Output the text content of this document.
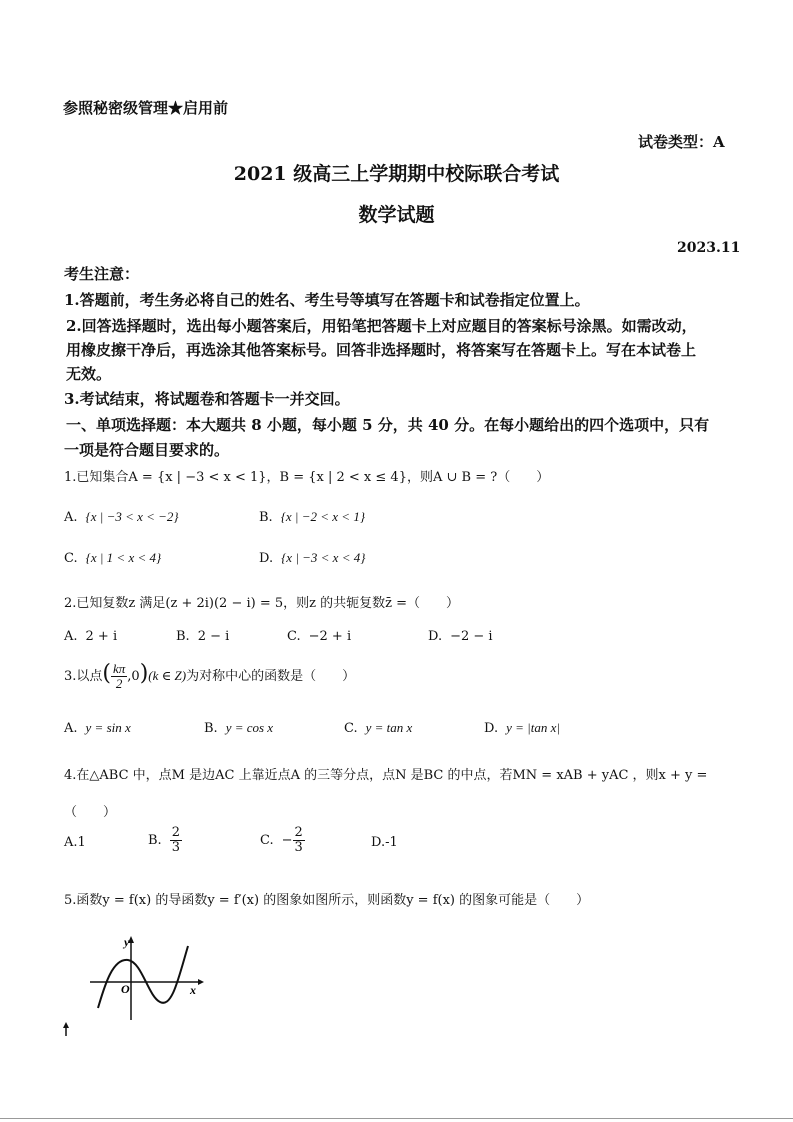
参照秘密级管理★启用前
试卷类型：A
2021 级高三上学期期中校际联合考试
数学试题
2023.11
考生注意：
1.答题前，考生务必将自己的姓名、考生号等填写在答题卡和试卷指定位置上。
2.回答选择题时，选出每小题答案后，用铅笔把答题卡上对应题目的答案标号涂黑。如需改动，
用橡皮擦干净后，再选涂其他答案标号。回答非选择题时，将答案写在答题卡上。写在本试卷上
无效。
3.考试结束，将试题卷和答题卡一并交回。
一、单项选择题：本大题共 8 小题，每小题 5 分，共 40 分。在每小题给出的四个选项中，只有
一项是符合题目要求的。
1.已知集合A = {x | −3 < x < 1}，B = {x | 2 < x ≤ 4}，则A ∪ B = ?（　　）
A. {x | −3 < x < −2}	B. {x | −2 < x < 1}
C. {x | 1 < x < 4}	D. {x | −3 < x < 4}
2.已知复数z 满足(z + 2i)(2 − i) = 5，则z 的共轭复数z̄ =（　　）
A. 2 + i	B. 2 − i	C. −2 + i	D. −2 − i
3.以点( $\frac{k\pi}{2} ,0)(k$ ∈ Z)为对称中心的函数是（　　）
A. y = sin x	B. y = cos x	C. y = tan x	D. y = |tan x|
4.在△ABC 中，点M 是边AC 上靠近点A 的三等分点，点N 是BC 的中点，若MN = xAB + yAC ，则x + y =
（　　）
A.1	B. $\frac{2}{3}$	C. − $\frac{2}{3}$	D.-1
5.函数y = f(x) 的导函数y = f′(x) 的图象如图所示，则函数y = f(x) 的图象可能是（　　）
y
x
O
